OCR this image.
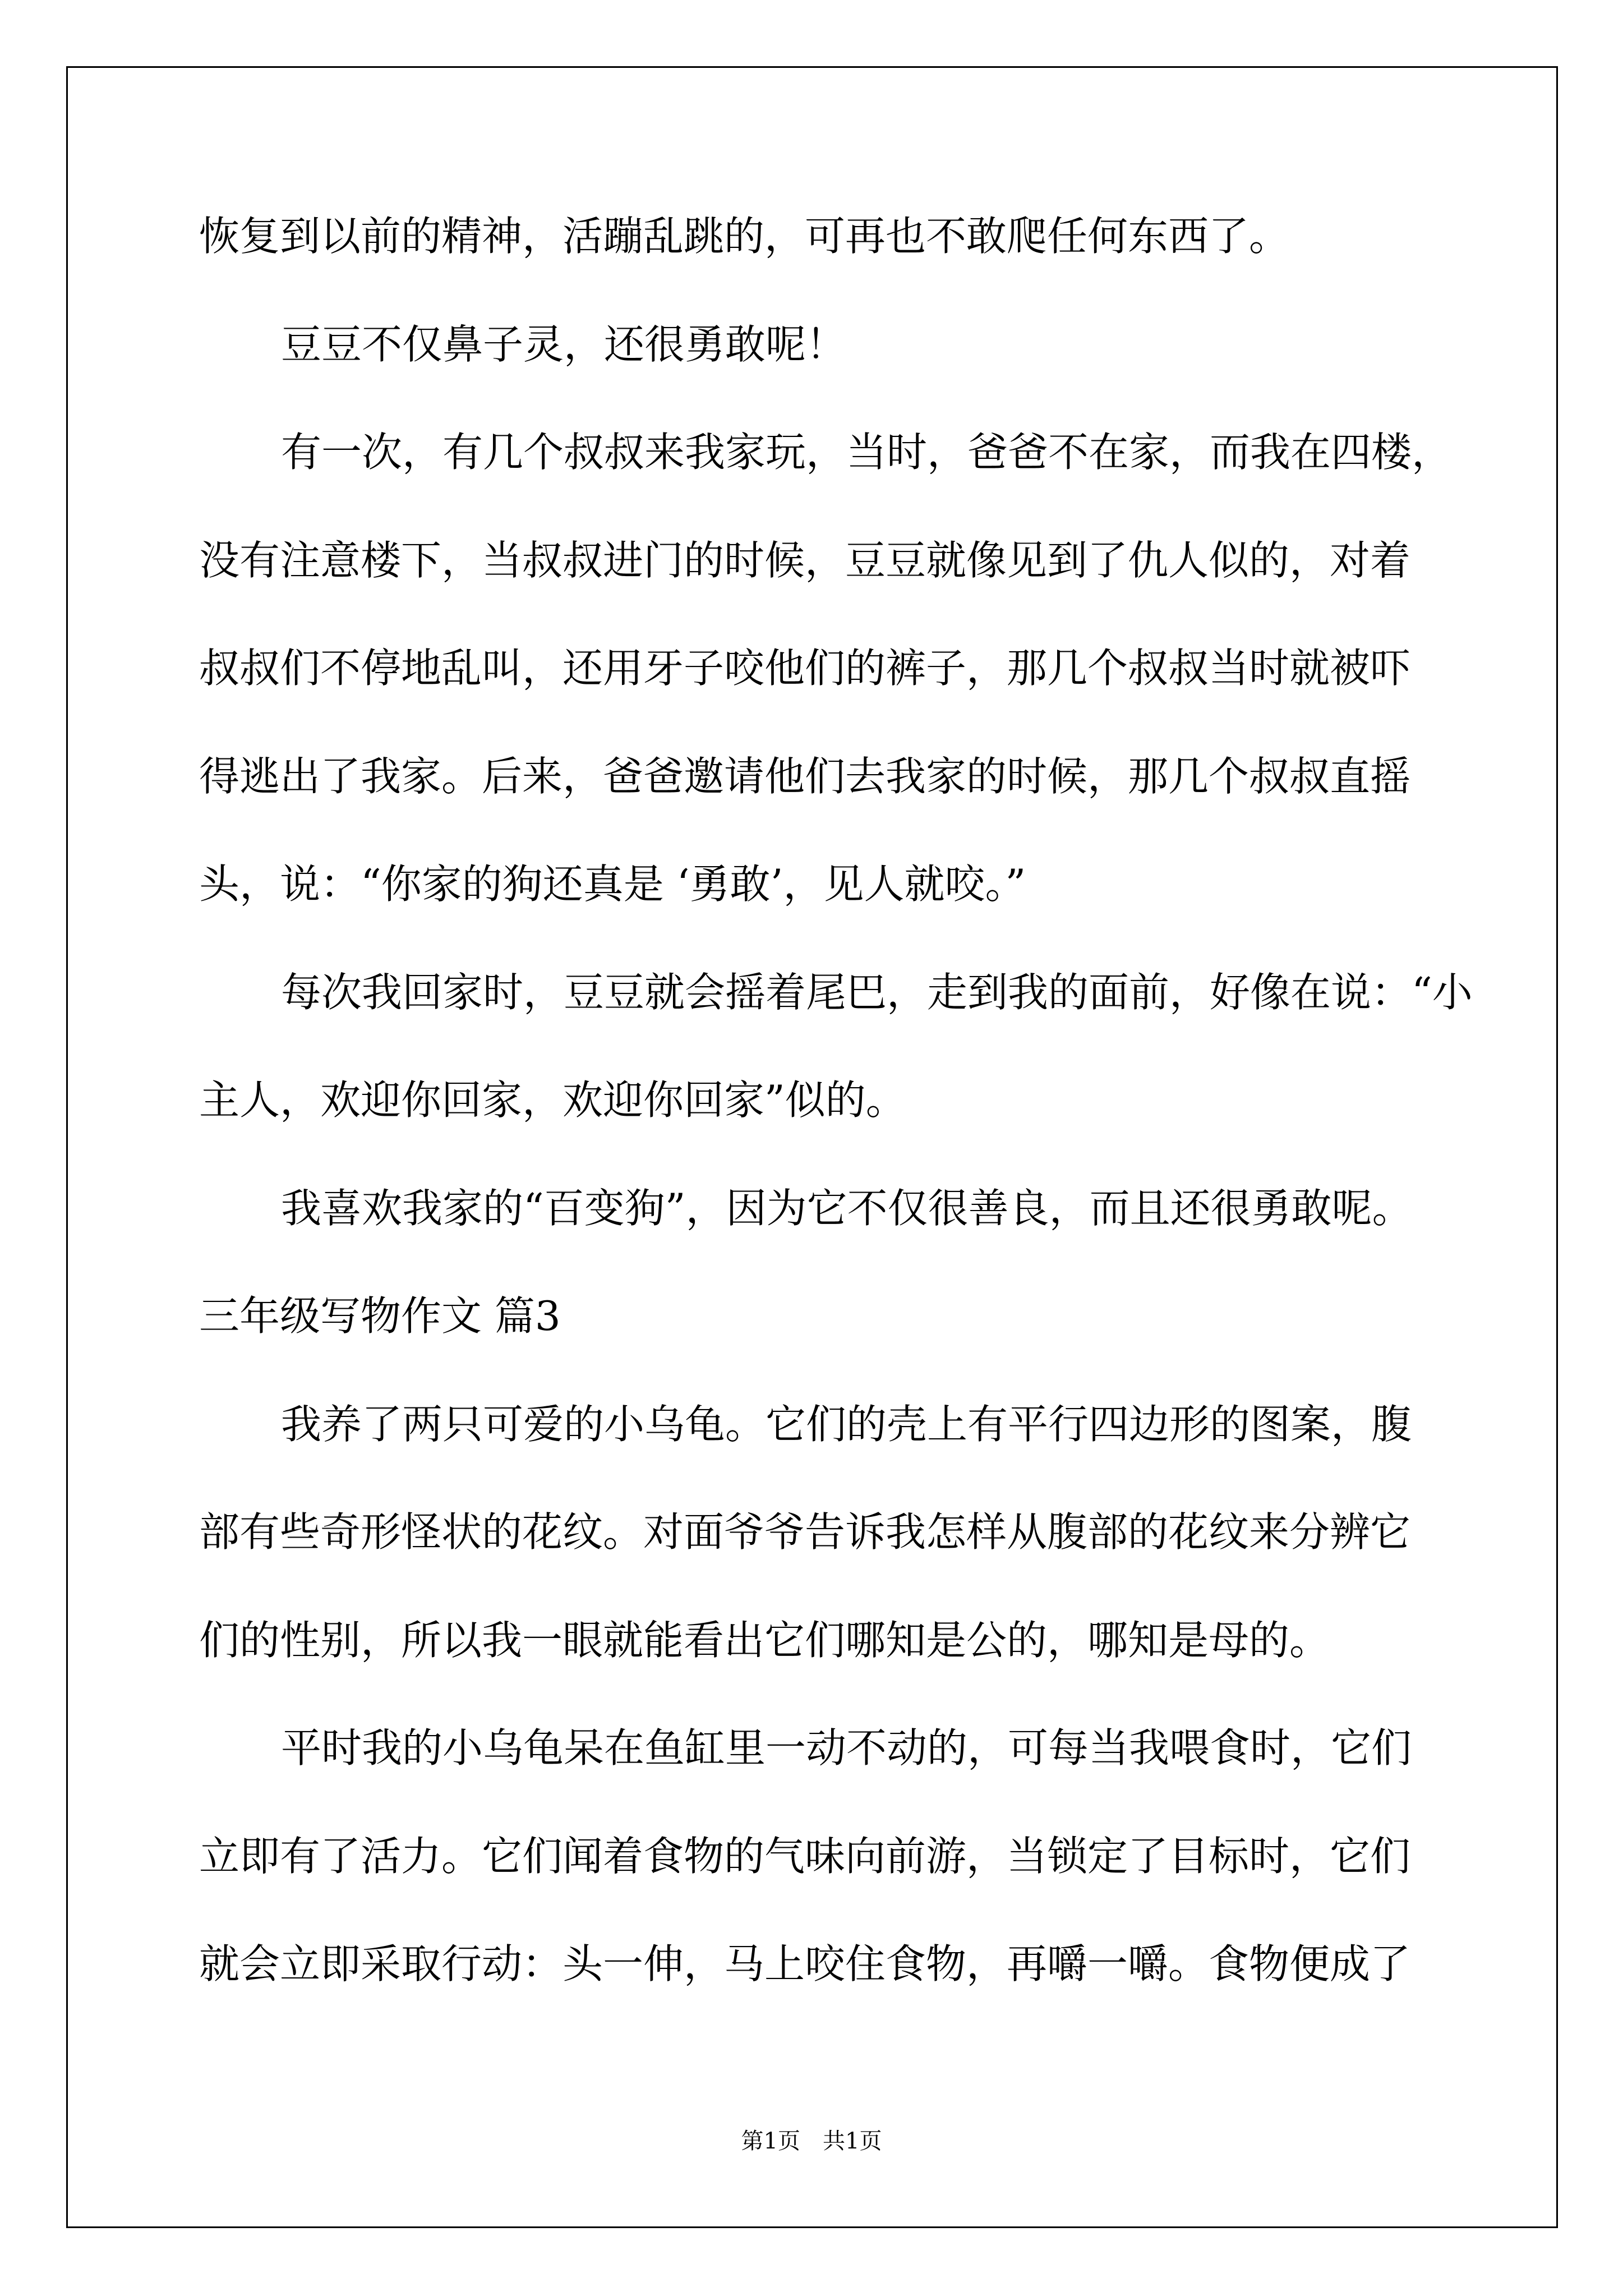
恢复到以前的精神，活蹦乱跳的，可再也不敢爬任何东西了。
豆豆不仅鼻子灵，还很勇敢呢！
有一次，有几个叔叔来我家玩，当时，爸爸不在家，而我在四楼，
没有注意楼下，当叔叔进门的时候，豆豆就像见到了仇人似的，对着
叔叔们不停地乱叫，还用牙子咬他们的裤子，那几个叔叔当时就被吓
得逃出了我家。后来，爸爸邀请他们去我家的时候，那几个叔叔直摇
头，说：“你家的狗还真是 ‘勇敢’，见人就咬。”
每次我回家时，豆豆就会摇着尾巴，走到我的面前，好像在说：“小
主人，欢迎你回家，欢迎你回家”似的。
我喜欢我家的“百变狗”，因为它不仅很善良，而且还很勇敢呢。
三年级写物作文 篇3
我养了两只可爱的小乌龟。它们的壳上有平行四边形的图案，腹
部有些奇形怪状的花纹。对面爷爷告诉我怎样从腹部的花纹来分辨它
们的性别，所以我一眼就能看出它们哪知是公的，哪知是母的。
平时我的小乌龟呆在鱼缸里一动不动的，可每当我喂食时，它们
立即有了活力。它们闻着食物的气味向前游，当锁定了目标时，它们
就会立即采取行动：头一伸，马上咬住食物，再嚼一嚼。食物便成了
第1页　共1页
